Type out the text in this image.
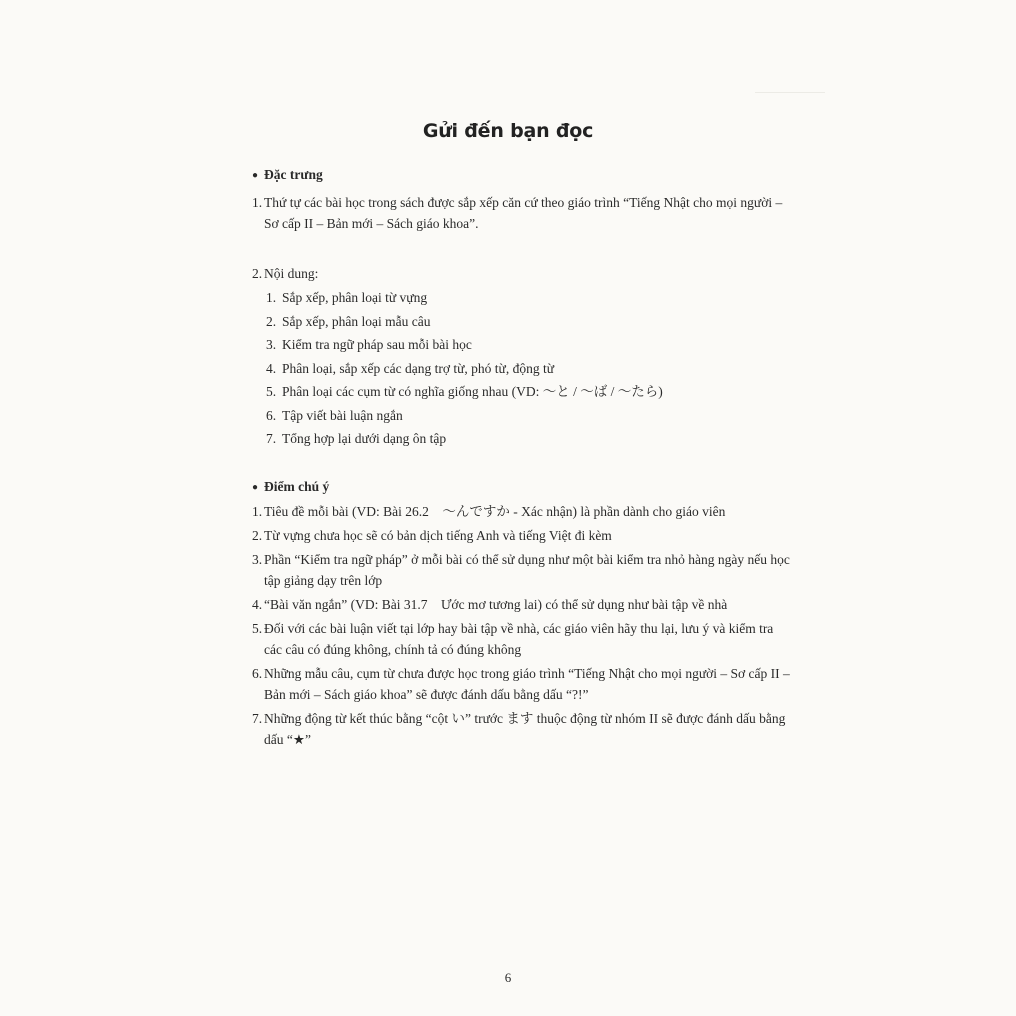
Gửi đến bạn đọc
● Đặc trưng
1. Thứ tự các bài học trong sách được sắp xếp căn cứ theo giáo trình “Tiếng Nhật cho mọi người – Sơ cấp II – Bản mới – Sách giáo khoa”.
2. Nội dung:
1. Sắp xếp, phân loại từ vựng
2. Sắp xếp, phân loại mẫu câu
3. Kiểm tra ngữ pháp sau mỗi bài học
4. Phân loại, sắp xếp các dạng trợ từ, phó từ, động từ
5. Phân loại các cụm từ có nghĩa giống nhau (VD: ～と / ～ば / ～たら)
6. Tập viết bài luận ngắn
7. Tổng hợp lại dưới dạng ôn tập
● Điểm chú ý
1. Tiêu đề mỗi bài (VD: Bài 26.2　～んですか - Xác nhận) là phần dành cho giáo viên
2. Từ vựng chưa học sẽ có bản dịch tiếng Anh và tiếng Việt đi kèm
3. Phần “Kiểm tra ngữ pháp” ở mỗi bài có thể sử dụng như một bài kiểm tra nhỏ hàng ngày nếu học tập giảng dạy trên lớp
4. “Bài văn ngắn” (VD: Bài 31.7　Ước mơ tương lai) có thể sử dụng như bài tập về nhà
5. Đối với các bài luận viết tại lớp hay bài tập về nhà, các giáo viên hãy thu lại, lưu ý và kiểm tra các câu có đúng không, chính tả có đúng không
6. Những mẫu câu, cụm từ chưa được học trong giáo trình “Tiếng Nhật cho mọi người – Sơ cấp II – Bản mới – Sách giáo khoa” sẽ được đánh dấu bằng dấu “?!”
7. Những động từ kết thúc bằng “cột い” trước ます thuộc động từ nhóm II sẽ được đánh dấu bằng dấu “★”
6
